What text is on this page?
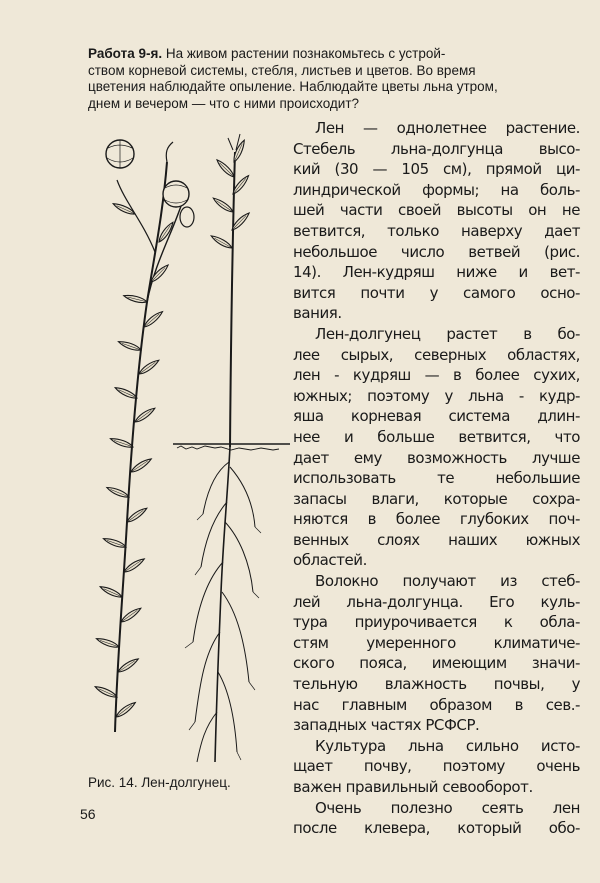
Работа 9-я. На живом растении познакомьтесь с устрой-
ством корневой системы, стебля, листьев и цветов. Во время
цветения наблюдайте опыление. Наблюдайте цветы льна утром,
днем и вечером — что с ними происходит?
Рис. 14. Лен-долгунец.
Лен — однолетнее растение.
Стебель льна-долгунца высо-
кий (30 — 105 см), прямой ци-
линдрической формы; на боль-
шей части своей высоты он не
ветвится, только наверху дает
небольшое число ветвей (рис.
14). Лен-кудряш ниже и вет-
вится почти у самого осно-
вания.
Лен-долгунец растет в бо-
лее сырых, северных областях,
лен - кудряш — в более сухих,
южных; поэтому у льна - кудр-
яша корневая система длин-
нее и больше ветвится, что
дает ему возможность лучше
использовать те небольшие
запасы влаги, которые сохра-
няются в более глубоких поч-
венных слоях наших южных
областей.
Волокно получают из стеб-
лей льна-долгунца. Его куль-
тура приурочивается к обла-
стям умеренного климатиче-
ского пояса, имеющим значи-
тельную влажность почвы, у
нас главным образом в сев.-
западных частях РСФСР.
Культура льна сильно исто-
щает почву, поэтому очень
важен правильный севооборот.
Очень полезно сеять лен
после клевера, который обо-
56
